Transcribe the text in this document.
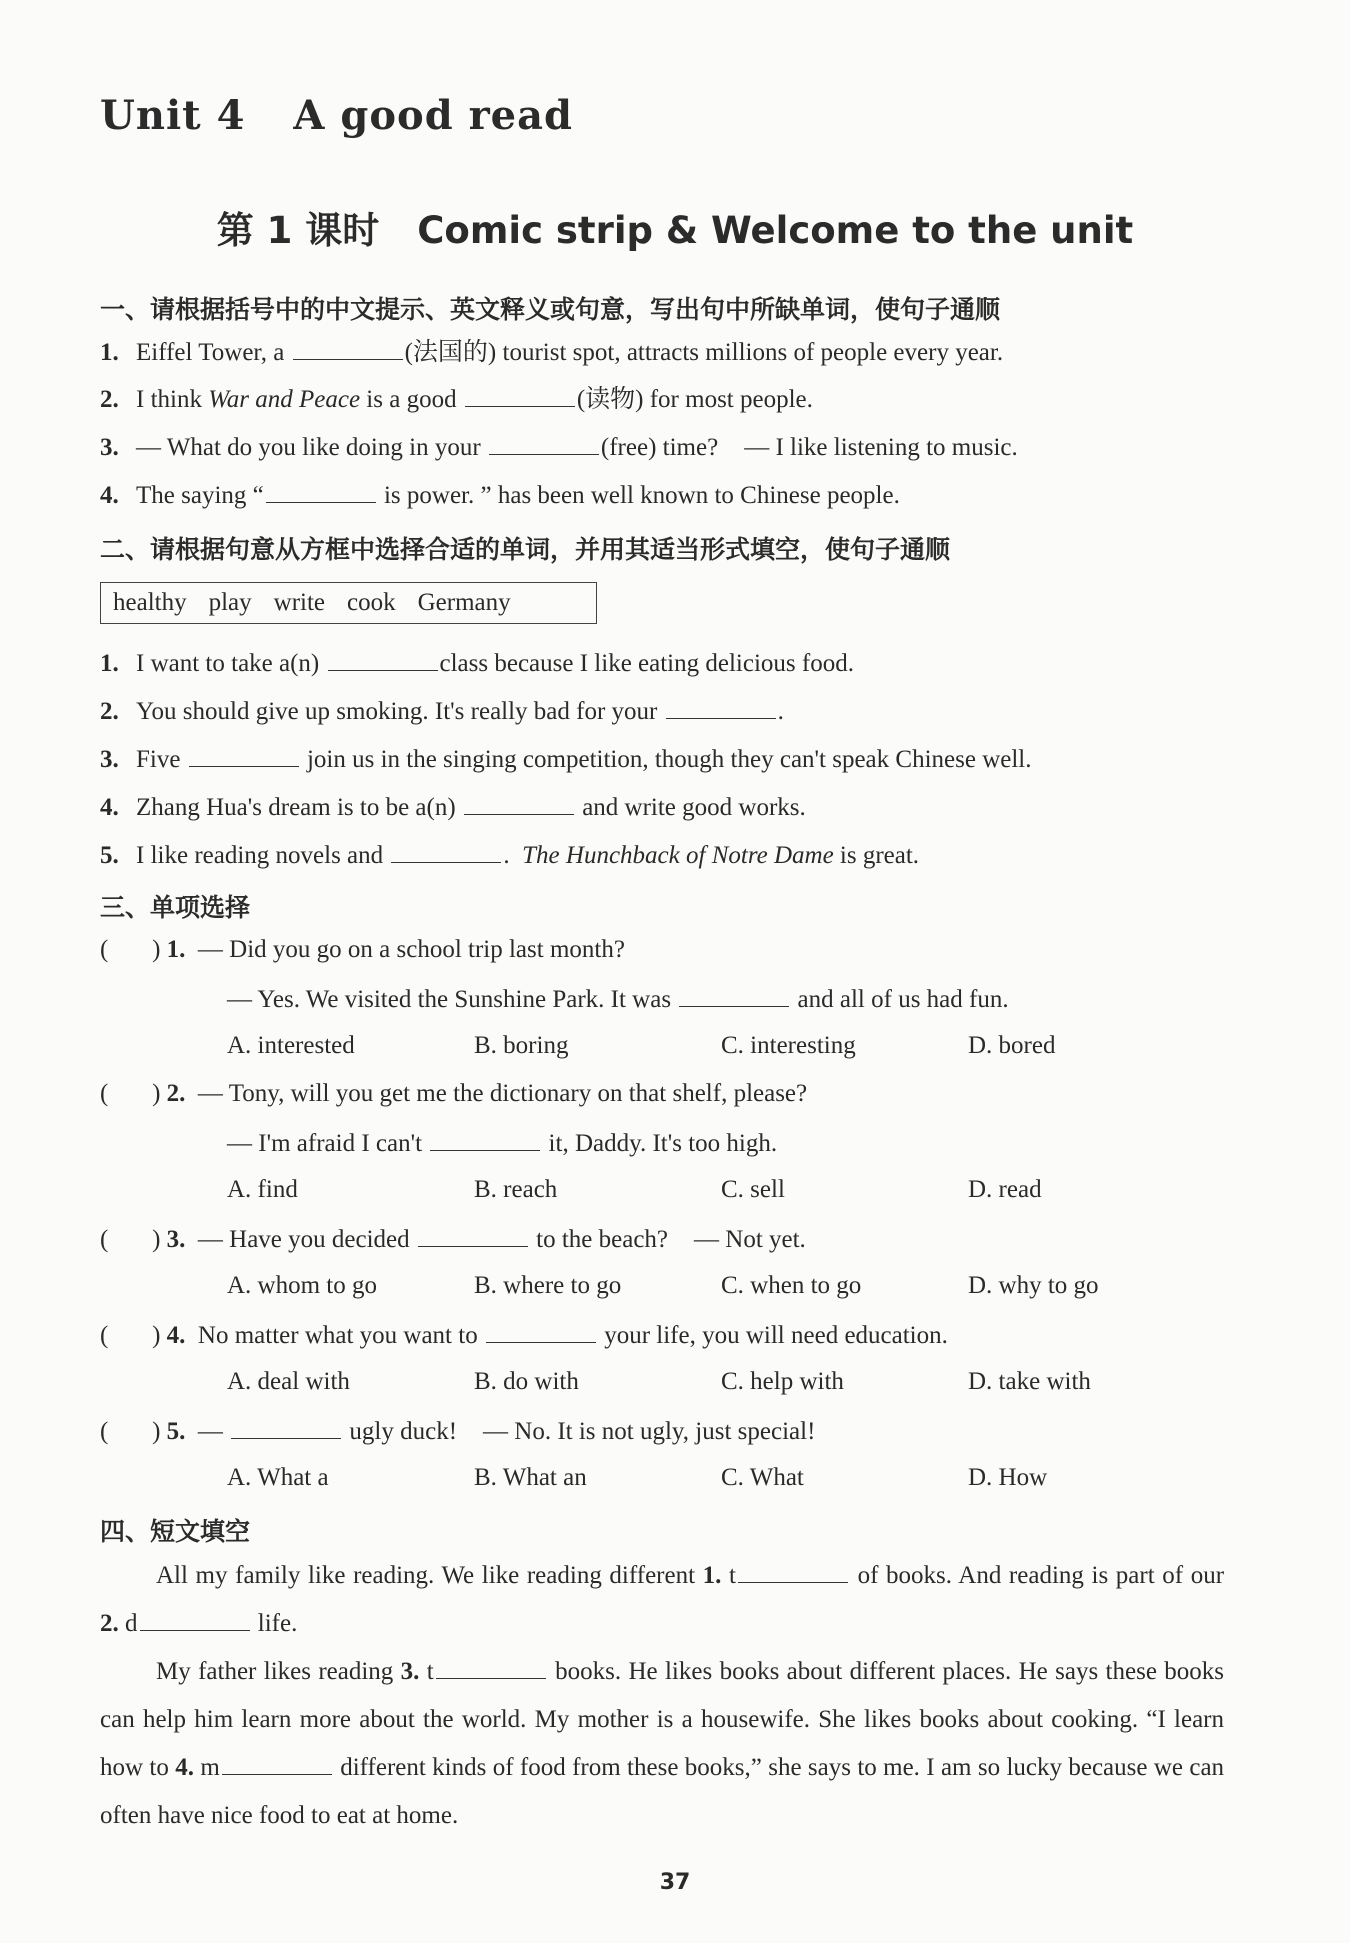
Unit 4 A good read
第 1 课时 Comic strip & Welcome to the unit
一、请根据括号中的中文提示、英文释义或句意，写出句中所缺单词，使句子通顺
1. Eiffel Tower, a	(法国的) tourist spot, attracts millions of people every year.
2. I think War and Peace is a good	(读物) for most people.
3. — What do you like doing in your	(free) time? — I like listening to music.
4. The saying “	is power. ” has been well known to Chinese people.
二、请根据句意从方框中选择合适的单词，并用其适当形式填空，使句子通顺
healthy play write cook Germany
1. I want to take a(n)	class because I like eating delicious food.
2. You should give up smoking. It's really bad for your	.
3. Five	join us in the singing competition, though they can't speak Chinese well.
4. Zhang Hua's dream is to be a(n)	and write good works.
5. I like reading novels and	. The Hunchback of Notre Dame is great.
三、单项选择
(       ) 1. — Did you go on a school trip last month?
— Yes. We visited the Sunshine Park. It was	and all of us had fun.
A. interested	B. boring	C. interesting	D. bored
(       ) 2. — Tony, will you get me the dictionary on that shelf, please?
— I'm afraid I can't	it, Daddy. It's too high.
A. find	B. reach	C. sell	D. read
(       ) 3. — Have you decided	to the beach? — Not yet.
A. whom to go	B. where to go	C. when to go	D. why to go
(       ) 4. No matter what you want to	your life, you will need education.
A. deal with	B. do with	C. help with	D. take with
(       ) 5. —	ugly duck! — No. It is not ugly, just special!
A. What a	B. What an	C. What	D. How
四、短文填空
All my family like reading. We like reading different 1. t	of books. And reading is part of our 2. d	life.
My father likes reading 3. t	books. He likes books about different places. He says these books can help him learn more about the world. My mother is a housewife. She likes books about cooking. “I learn how to 4. m	different kinds of food from these books,” she says to me. I am so lucky because we can often have nice food to eat at home.
37
